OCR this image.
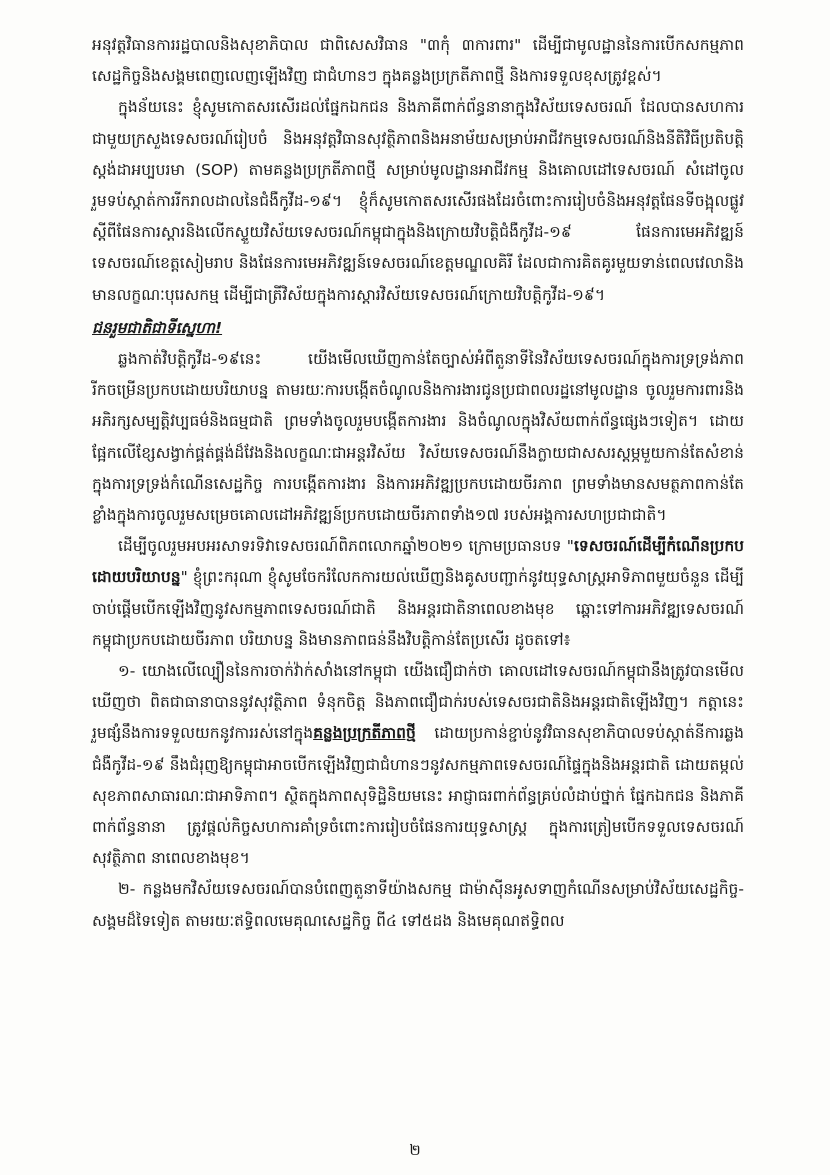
អនុវត្តវិធានការរដ្ឋបាលនិងសុខាភិបាល ជាពិសេសវិធាន "៣កុំ ៣ការពារ" ដើម្បីជាមូលដ្ឋាននៃការបើកសកម្មភាពសេដ្ឋកិច្ចនិងសង្គមពេញលេញឡើងវិញ ជាជំហានៗ ក្នុងគន្លងប្រក្រតីភាពថ្មី និងការទទួលខុសត្រូវខ្ពស់។

ក្នុងន័យនេះ ខ្ញុំសូមកោតសរសើរដល់ផ្នែកឯកជន និងភាគីពាក់ព័ន្ធនានាក្នុងវិស័យទេសចរណ៍ ដែលបានសហការជាមួយក្រសួងទេសចរណ៍រៀបចំ និងអនុវត្តវិធានសុវត្ថិភាពនិងអនាម័យសម្រាប់អាជីវកម្មទេសចរណ៍និងនីតិវិធីប្រតិបត្តិស្តង់ដាអប្បបរមា (SOP) តាមគន្លងប្រក្រតីភាពថ្មី សម្រាប់មូលដ្ឋានអាជីវកម្ម និងគោលដៅទេសចរណ៍ សំដៅចូលរួមទប់ស្កាត់ការរីករាលដាលនៃជំងឺកូវីដ-១៩។ ខ្ញុំក៏សូមកោតសរសើរផងដែរចំពោះការរៀបចំនិងអនុវត្តផែនទីចង្អុលផ្លូវ ស្តីពីផែនការស្តារនិងលើកស្ទួយវិស័យទេសចរណ៍កម្ពុជាក្នុងនិងក្រោយវិបត្តិជំងឺកូវីដ-១៩ ផែនការមេអភិវឌ្ឍន៍ទេសចរណ៍ខេត្តសៀមរាប និងផែនការមេអភិវឌ្ឍន៍ទេសចរណ៍ខេត្តមណ្ឌលគិរី ដែលជាការគិតគូរមួយទាន់ពេលវេលានិងមានលក្ខណៈបុរេសកម្ម ដើម្បីជាត្រីវិស័យក្នុងការស្តារវិស័យទេសចរណ៍ក្រោយវិបត្តិកូវីដ-១៩។

ជនរួមជាតិជាទីស្នេហា!

ឆ្លងកាត់វិបត្តិកូវីដ-១៩នេះ យើងមើលឃើញកាន់តែច្បាស់អំពីតួនាទីនៃវិស័យទេសចរណ៍ក្នុងការទ្រទ្រង់ភាពរីកចម្រើនប្រកបដោយបរិយាបន្ន តាមរយៈការបង្កើតចំណូលនិងការងារជូនប្រជាពលរដ្ឋនៅមូលដ្ឋាន ចូលរួមការពារនិងអភិរក្សសម្បត្តិវប្បធម៌និងធម្មជាតិ ព្រមទាំងចូលរួមបង្កើតការងារ និងចំណូលក្នុងវិស័យពាក់ព័ន្ធផ្សេងៗទៀត។ ដោយផ្អែកលើខ្សែសង្វាក់ផ្គត់ផ្គង់ដ៏វែងនិងលក្ខណៈជាអន្តរវិស័យ វិស័យទេសចរណ៍នឹងក្លាយជាសសរស្តម្ភមួយកាន់តែសំខាន់ក្នុងការទ្រទ្រង់កំណើនសេដ្ឋកិច្ច ការបង្កើតការងារ និងការអភិវឌ្ឍប្រកបដោយចីរភាព ព្រមទាំងមានសមត្ថភាពកាន់តែខ្លាំងក្នុងការចូលរួមសម្រេចគោលដៅអភិវឌ្ឍន៍ប្រកបដោយចីរភាពទាំង១៧ របស់អង្គការសហប្រជាជាតិ។

ដើម្បីចូលរួមអបអរសាទរទិវាទេសចរណ៍ពិភពលោកឆ្នាំ២០២១ ក្រោមប្រធានបទ "ទេសចរណ៍ដើម្បីកំណើនប្រកបដោយបរិយាបន្ន" ខ្ញុំព្រះករុណា ខ្ញុំសូមចែករំលែកការយល់ឃើញនិងគូសបញ្ជាក់នូវយុទ្ធសាស្ត្រអាទិភាពមួយចំនួន ដើម្បីចាប់ផ្តើមបើកឡើងវិញនូវសកម្មភាពទេសចរណ៍ជាតិ និងអន្តរជាតិនាពេលខាងមុខ ឆ្ពោះទៅការអភិវឌ្ឍទេសចរណ៍កម្ពុជាប្រកបដោយចីរភាព បរិយាបន្ន និងមានភាពធន់នឹងវិបត្តិកាន់តែប្រសើរ ដូចតទៅ៖

១- យោងលើល្បឿននៃការចាក់វ៉ាក់សាំងនៅកម្ពុជា យើងជឿជាក់ថា គោលដៅទេសចរណ៍កម្ពុជានឹងត្រូវបានមើលឃើញថា ពិតជាធានាបាននូវសុវត្ថិភាព ទំនុកចិត្ត និងភាពជឿជាក់របស់ទេសចរជាតិនិងអន្តរជាតិឡើងវិញ។ កត្តានេះ រួមផ្សំនឹងការទទួលយកនូវការរស់នៅក្នុងគន្លងប្រក្រតីភាពថ្មី ដោយប្រកាន់ខ្ជាប់នូវវិធានសុខាភិបាលទប់ស្កាត់នីការឆ្លងជំងឺកូវីដ-១៩ នឹងជំរុញឱ្យកម្ពុជាអាចបើកឡើងវិញជាជំហានៗនូវសកម្មភាពទេសចរណ៍ផ្ទៃក្នុងនិងអន្តរជាតិ ដោយតម្កល់សុខភាពសាធារណៈជាអាទិភាព។ ស្ថិតក្នុងភាពសុទិដ្ឋិនិយមនេះ អាជ្ញាធរពាក់ព័ន្ធគ្រប់លំដាប់ថ្នាក់ ផ្នែកឯកជន និងភាគីពាក់ព័ន្ធនានា ត្រូវផ្តល់កិច្ចសហការគាំទ្រចំពោះការរៀបចំផែនការយុទ្ធសាស្ត្រ ក្នុងការត្រៀមបើកទទួលទេសចរណ៍សុវត្ថិភាព នាពេលខាងមុខ។

២- កន្លងមកវិស័យទេសចរណ៍បានបំពេញតួនាទីយ៉ាងសកម្ម ជាម៉ាស៊ីនអូសទាញកំណើនសម្រាប់វិស័យសេដ្ឋកិច្ច-សង្គមដ៏ទៃទៀត តាមរយៈឥទ្ធិពលមេគុណសេដ្ឋកិច្ច ពី៤ ទៅ៥ដង និងមេគុណឥទ្ធិពល

២
